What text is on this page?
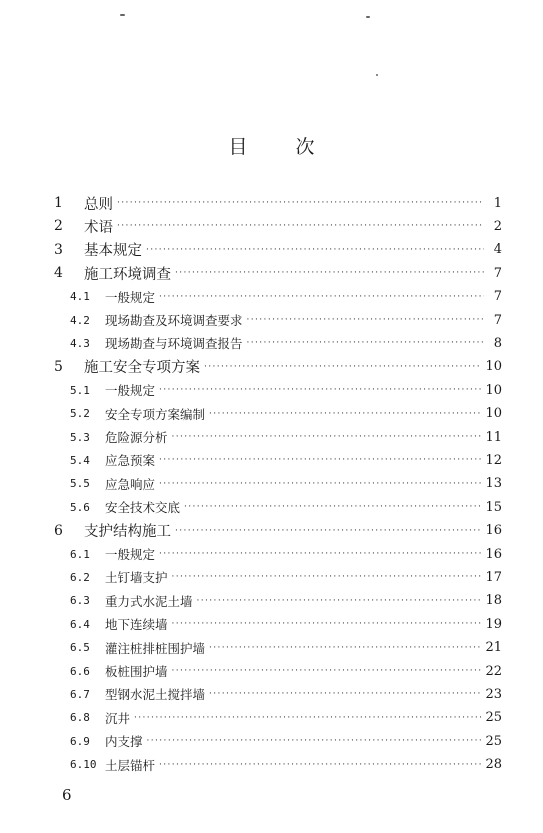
目	次
1	总则 ·····	1
2	术语 ·····	2
3	基本规定 ·····	4
4	施工环境调查 ·····	7
4.1	一般规定 ·····	7
4.2	现场勘查及环境调查要求 ·····	7
4.3	现场勘查与环境调查报告 ·····	8
5	施工安全专项方案 ·····	10
5.1	一般规定 ·····	10
5.2	安全专项方案编制 ·····	10
5.3	危险源分析 ·····	11
5.4	应急预案 ·····	12
5.5	应急响应 ·····	13
5.6	安全技术交底 ·····	15
6	支护结构施工 ·····	16
6.1	一般规定 ·····	16
6.2	土钉墙支护 ·····	17
6.3	重力式水泥土墙 ·····	18
6.4	地下连续墙 ·····	19
6.5	灌注桩排桩围护墙 ·····	21
6.6	板桩围护墙 ·····	22
6.7	型钢水泥土搅拌墙 ·····	23
6.8	沉井 ·····	25
6.9	内支撑 ·····	25
6.10 土层锚杆 ·····	28
6
